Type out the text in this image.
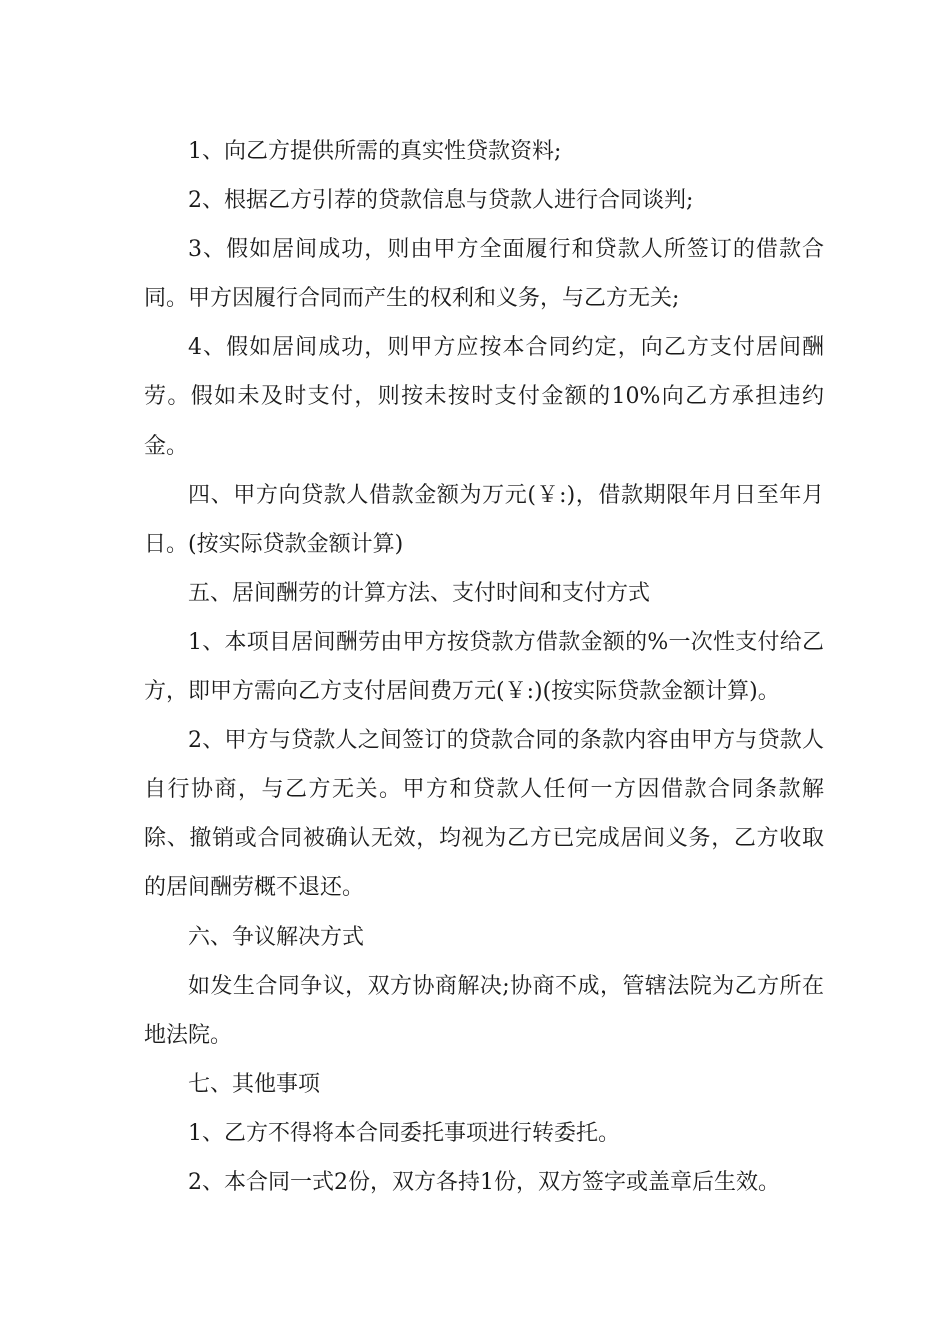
1、向乙方提供所需的真实性贷款资料;

2、根据乙方引荐的贷款信息与贷款人进行合同谈判;

3、假如居间成功，则由甲方全面履行和贷款人所签订的借款合同。甲方因履行合同而产生的权利和义务，与乙方无关;

4、假如居间成功，则甲方应按本合同约定，向乙方支付居间酬劳。假如未及时支付，则按未按时支付金额的10%向乙方承担违约金。

四、甲方向贷款人借款金额为万元(￥:)，借款期限年月日至年月日。(按实际贷款金额计算)

五、居间酬劳的计算方法、支付时间和支付方式

1、本项目居间酬劳由甲方按贷款方借款金额的%一次性支付给乙方，即甲方需向乙方支付居间费万元(￥:)(按实际贷款金额计算)。

2、甲方与贷款人之间签订的贷款合同的条款内容由甲方与贷款人自行协商，与乙方无关。甲方和贷款人任何一方因借款合同条款解除、撤销或合同被确认无效，均视为乙方已完成居间义务，乙方收取的居间酬劳概不退还。

六、争议解决方式

如发生合同争议，双方协商解决;协商不成，管辖法院为乙方所在地法院。

七、其他事项

1、乙方不得将本合同委托事项进行转委托。

2、本合同一式2份，双方各持1份，双方签字或盖章后生效。
